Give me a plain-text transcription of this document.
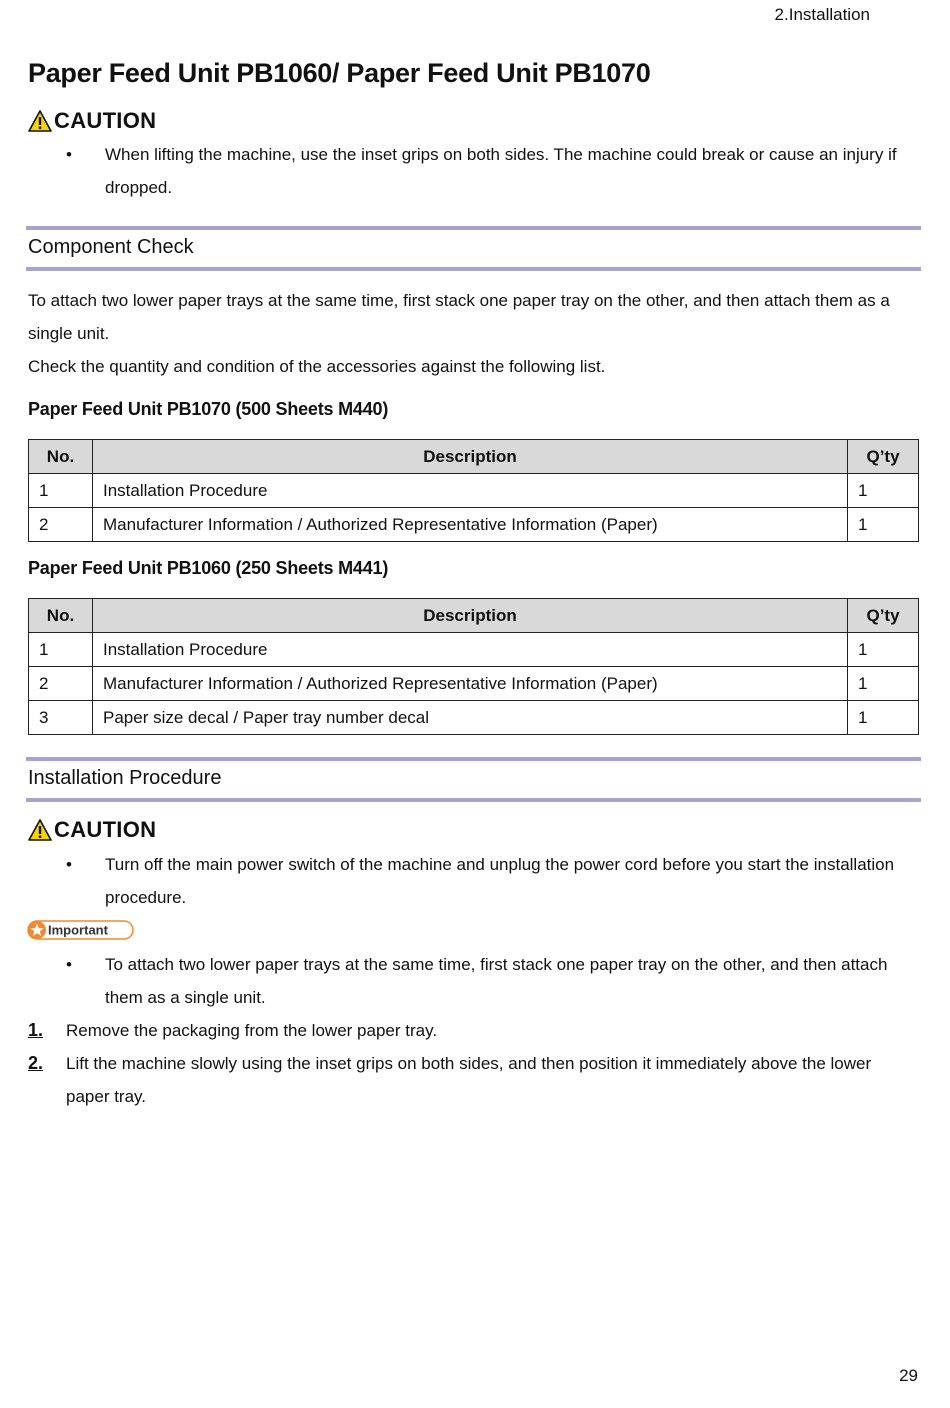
2.Installation
Paper Feed Unit PB1060/ Paper Feed Unit PB1070
CAUTION
• When lifting the machine, use the inset grips on both sides. The machine could break or cause an injury if dropped.
Component Check
To attach two lower paper trays at the same time, first stack one paper tray on the other, and then attach them as a single unit.
Check the quantity and condition of the accessories against the following list.
Paper Feed Unit PB1070 (500 Sheets M440)
No.	Description	Q’ty
1	Installation Procedure	1
2	Manufacturer Information / Authorized Representative Information (Paper)	1
Paper Feed Unit PB1060 (250 Sheets M441)
No.	Description	Q’ty
1	Installation Procedure	1
2	Manufacturer Information / Authorized Representative Information (Paper)	1
3	Paper size decal / Paper tray number decal	1
Installation Procedure
CAUTION
• Turn off the main power switch of the machine and unplug the power cord before you start the installation procedure.
Important
• To attach two lower paper trays at the same time, first stack one paper tray on the other, and then attach them as a single unit.
1. Remove the packaging from the lower paper tray.
2. Lift the machine slowly using the inset grips on both sides, and then position it immediately above the lower paper tray.
29
